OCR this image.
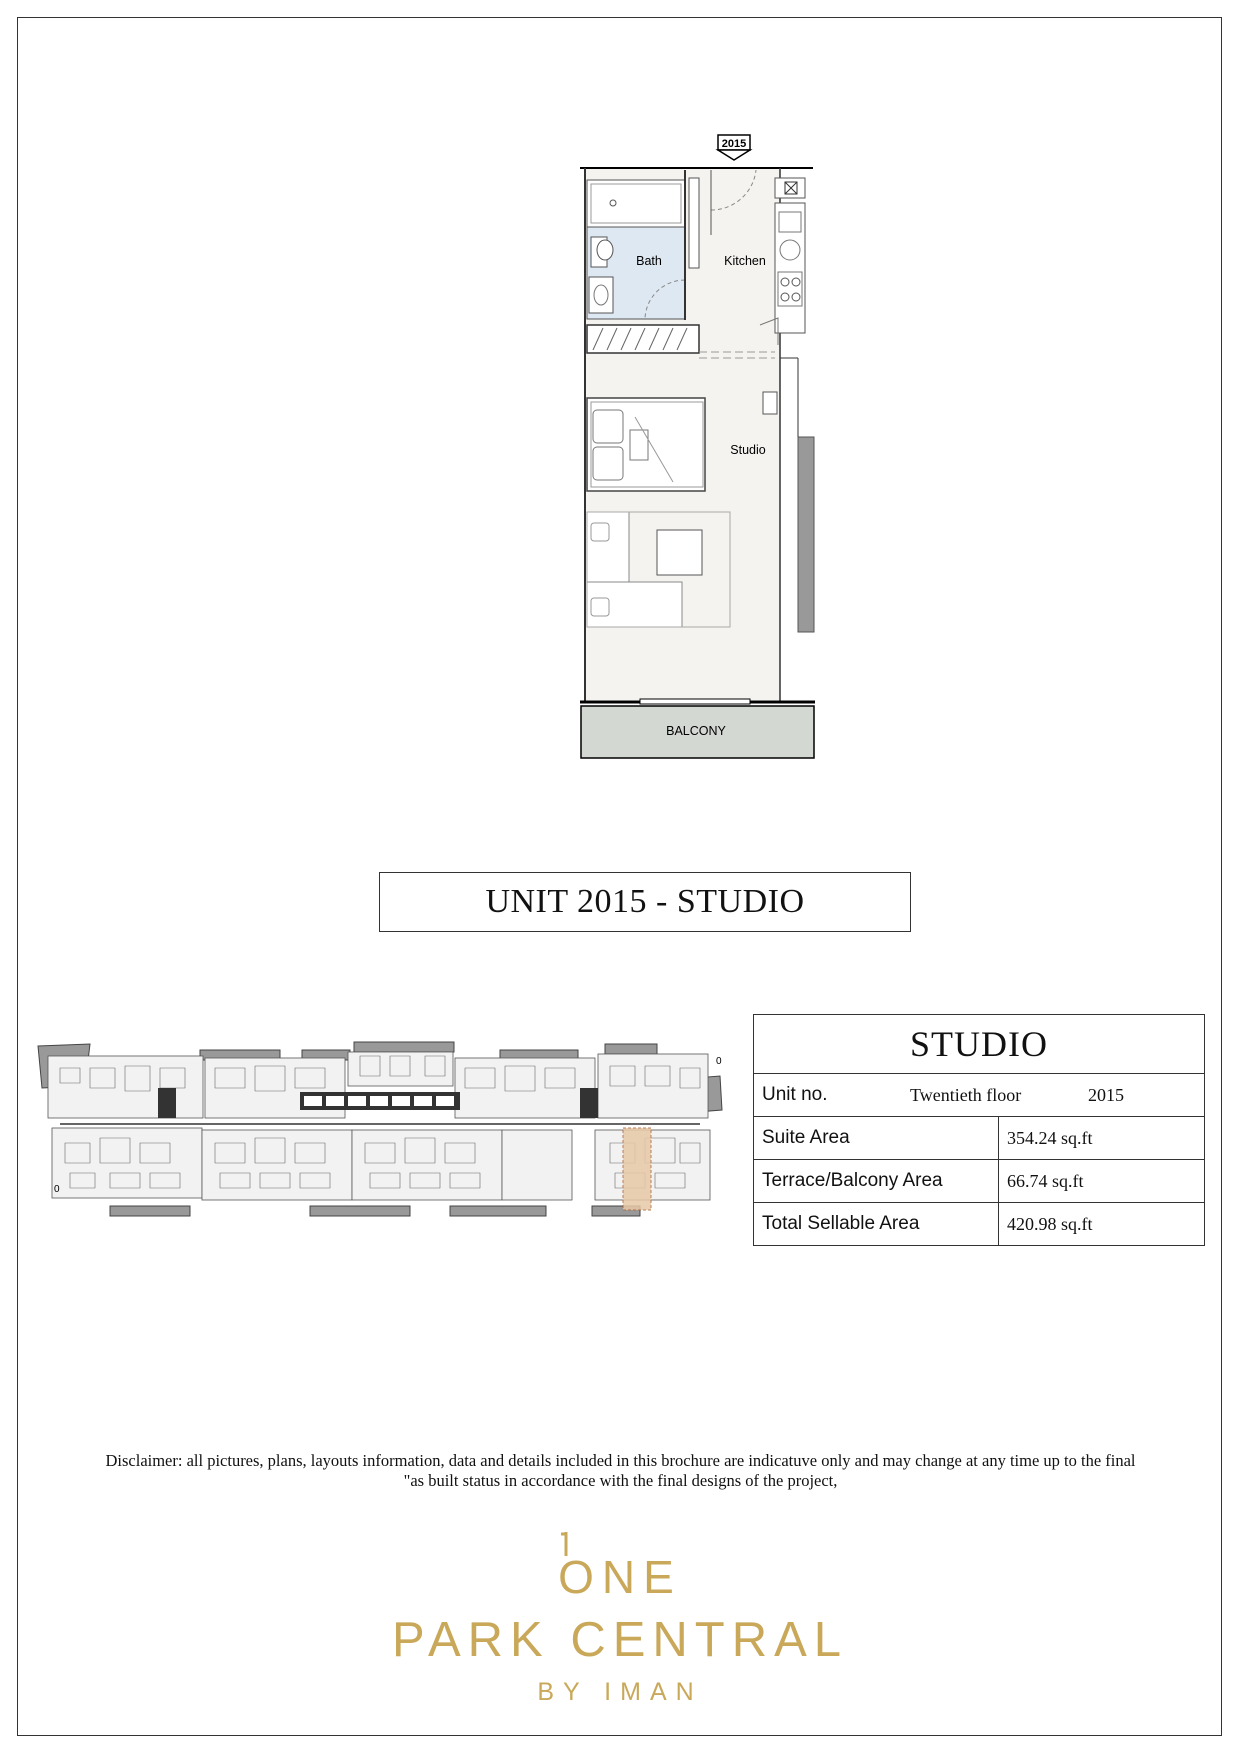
2015
Bath	Kitchen
Studio
BALCONY
UNIT 2015 - STUDIO
0
0
STUDIO	

Unit no. Twentieth floor 2015	

Suite Area	354.24 sq.ft
Terrace/Balcony Area	66.74 sq.ft
Total Sellable Area	420.98 sq.ft
Disclaimer: all pictures, plans, layouts information, data and details included in this brochure are indicatuve only and may change at any time up to the final
"as built status in accordance with the final designs of the project,
ONE
PARK CENTRAL
BY IMAN
